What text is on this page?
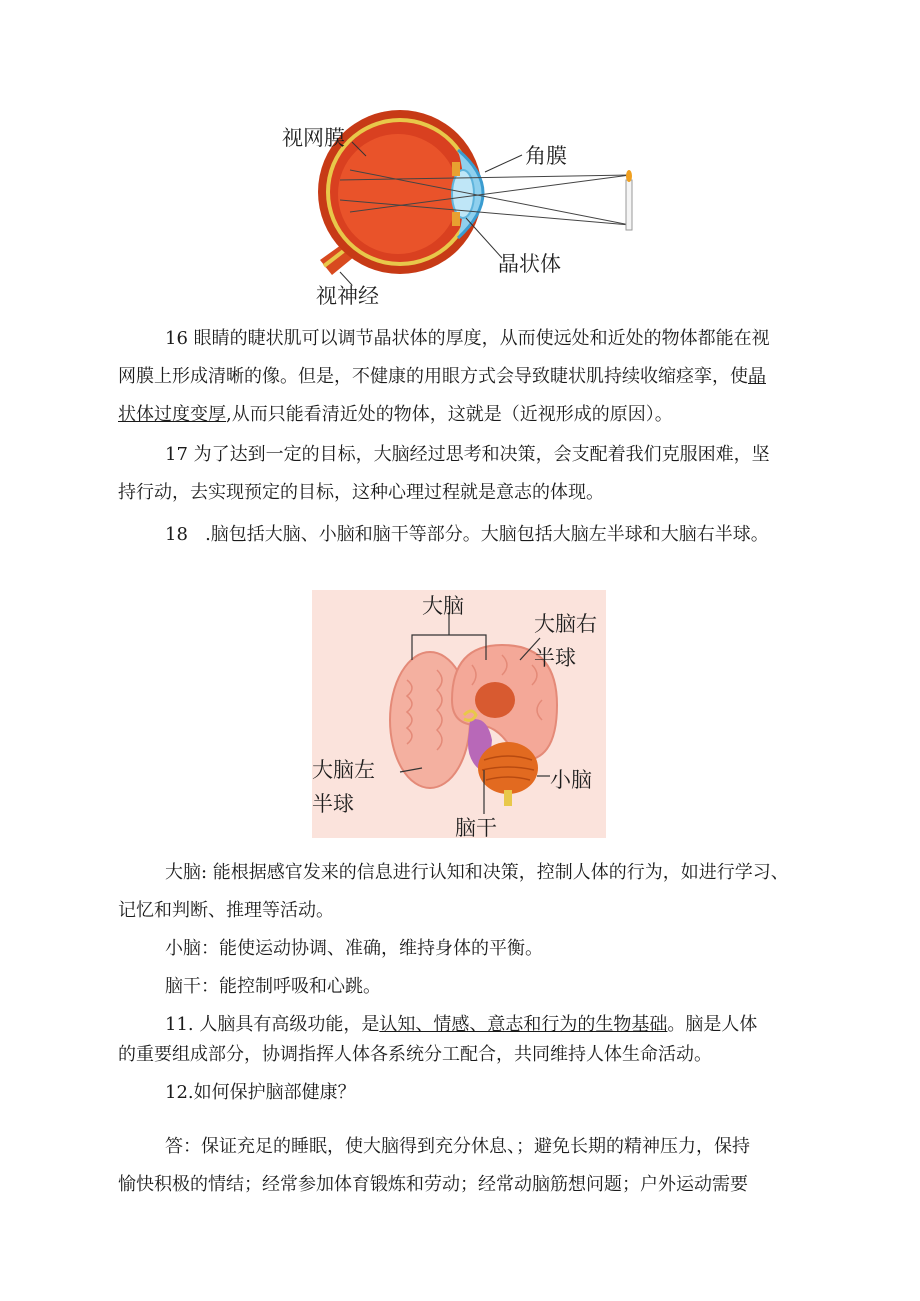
视网膜
角膜
晶状体
视神经
16 眼睛的睫状肌可以调节晶状体的厚度，从而使远处和近处的物体都能在视
网膜上形成清晰的像。但是，不健康的用眼方式会导致睫状肌持续收缩痉挛，使晶
状体过度变厚,从而只能看清近处的物体，这就是（近视形成的原因）。
17 为了达到一定的目标，大脑经过思考和决策，会支配着我们克服困难，坚
持行动，去实现预定的目标，这种心理过程就是意志的体现。
18   .脑包括大脑、小脑和脑干等部分。大脑包括大脑左半球和大脑右半球。
大脑
大脑右
半球
大脑左
半球
小脑
脑干
大脑: 能根据感官发来的信息进行认知和决策，控制人体的行为，如进行学习、
记忆和判断、推理等活动。
小脑：能使运动协调、准确，维持身体的平衡。
脑干：能控制呼吸和心跳。
11. 人脑具有高级功能，是认知、情感、意志和行为的生物基础。脑是人体
的重要组成部分，协调指挥人体各系统分工配合，共同维持人体生命活动。
12.如何保护脑部健康？
答：保证充足的睡眠，使大脑得到充分休息、；避免长期的精神压力，保持
愉快积极的情结；经常参加体育锻炼和劳动；经常动脑筋想问题；户外运动需要
